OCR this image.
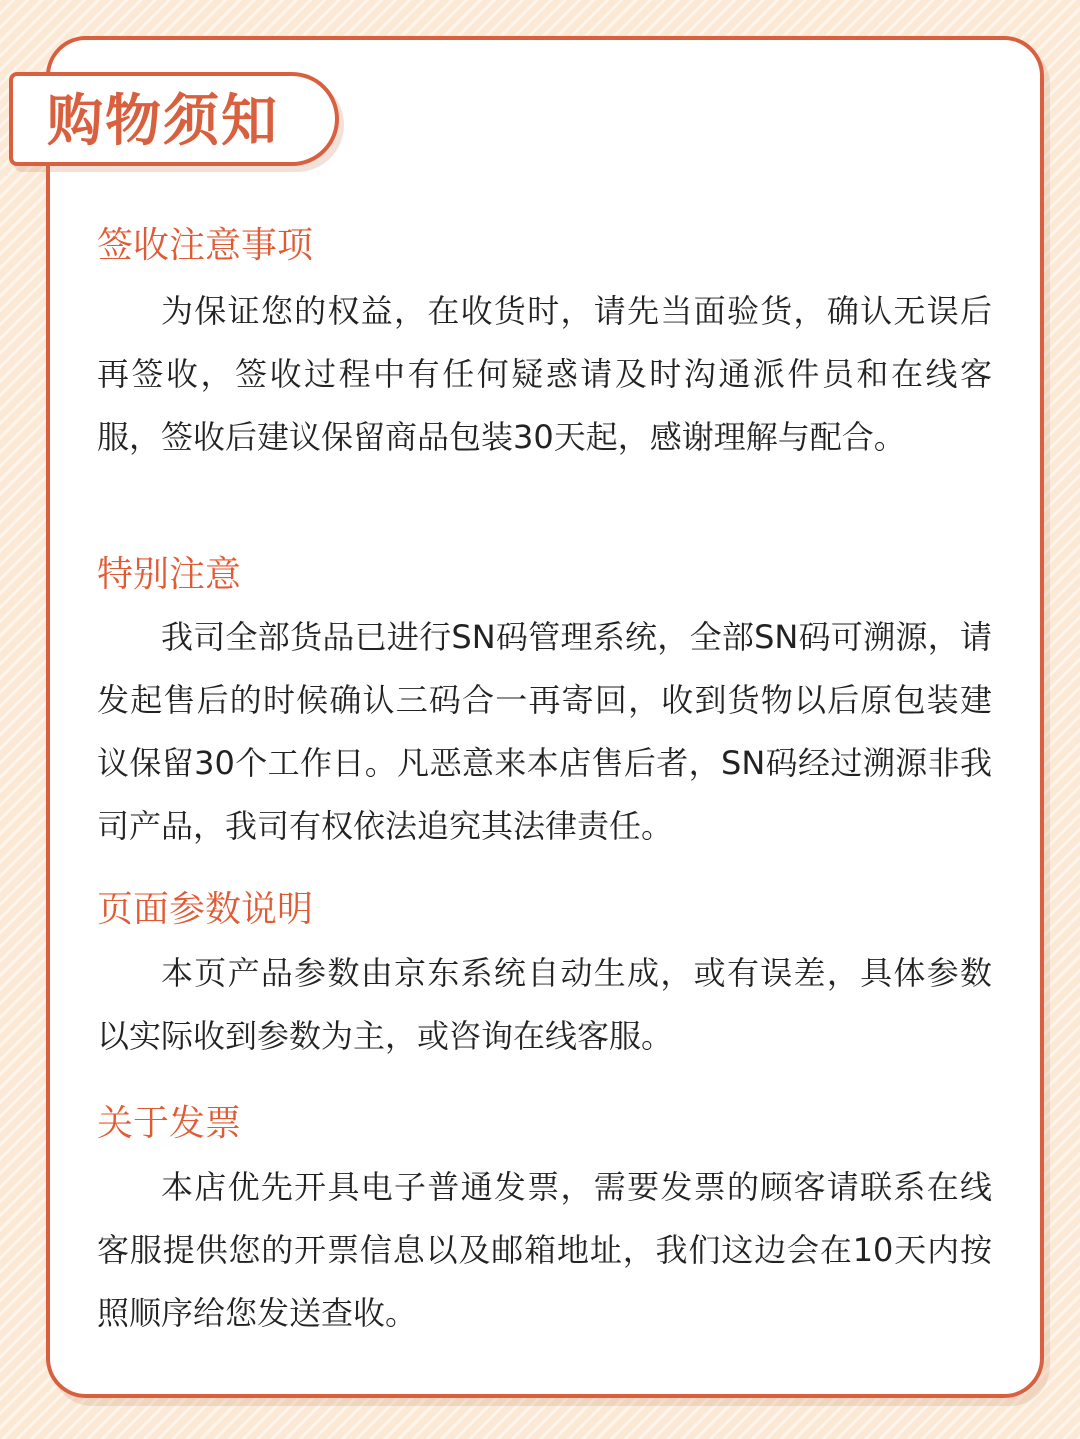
购物须知
签收注意事项

为保证您的权益，在收货时，请先当面验货，确认无误后再签收，签收过程中有任何疑惑请及时沟通派件员和在线客服，签收后建议保留商品包装30天起，感谢理解与配合。

特别注意

我司全部货品已进行SN码管理系统，全部SN码可溯源，请发起售后的时候确认三码合一再寄回，收到货物以后原包装建议保留30个工作日。凡恶意来本店售后者，SN码经过溯源非我司产品，我司有权依法追究其法律责任。

页面参数说明

本页产品参数由京东系统自动生成，或有误差，具体参数以实际收到参数为主，或咨询在线客服。

关于发票

本店优先开具电子普通发票，需要发票的顾客请联系在线客服提供您的开票信息以及邮箱地址，我们这边会在10天内按照顺序给您发送查收。
